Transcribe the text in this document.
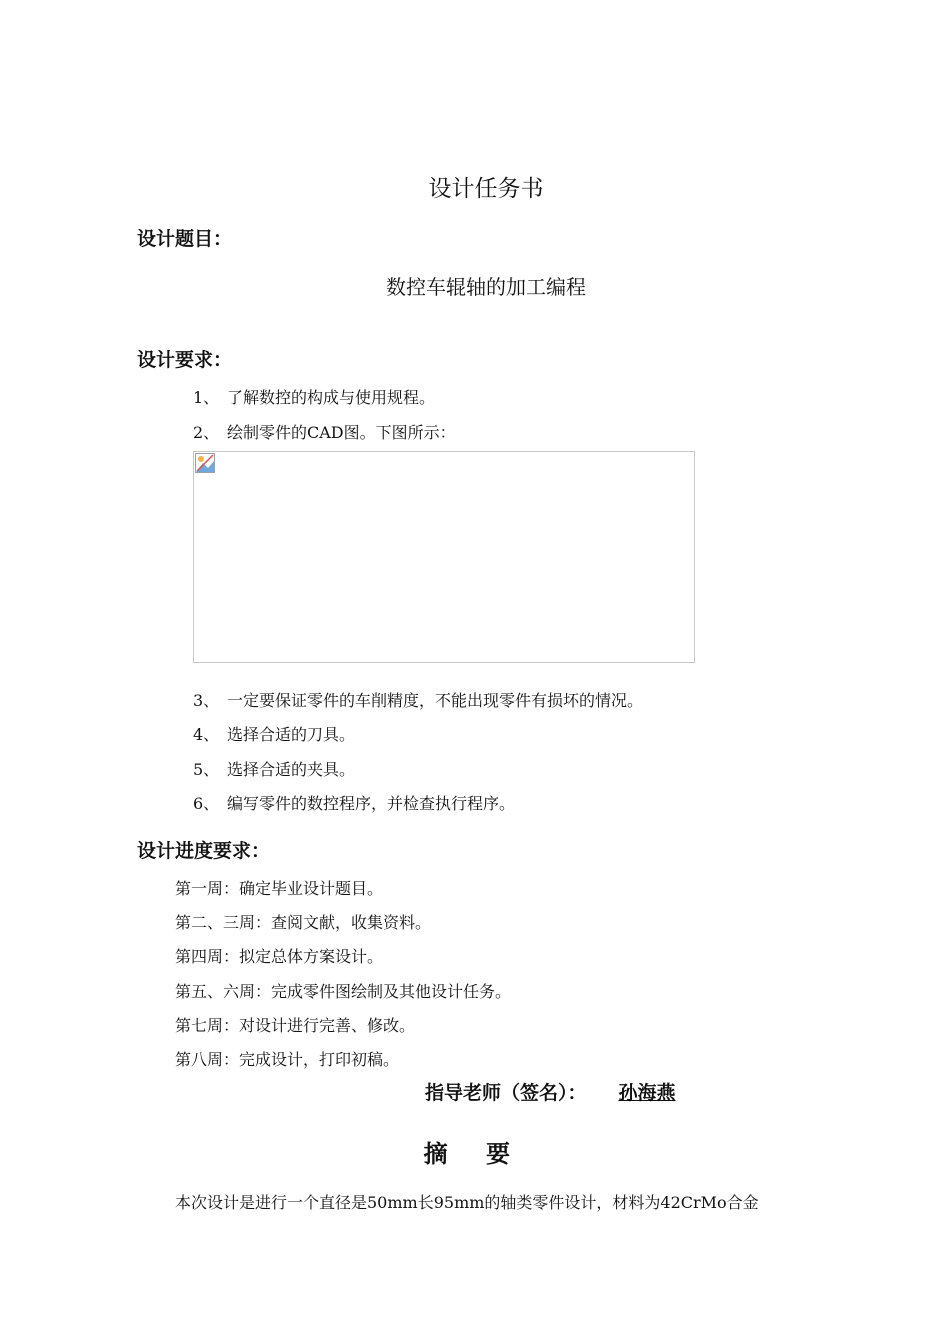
设计任务书
设计题目：
数控车辊轴的加工编程
设计要求：
1、 了解数控的构成与使用规程。
2、 绘制零件的CAD图。下图所示：
3、 一定要保证零件的车削精度，不能出现零件有损坏的情况。
4、 选择合适的刀具。
5、 选择合适的夹具。
6、 编写零件的数控程序，并检查执行程序。
设计进度要求：
第一周：确定毕业设计题目。
第二、三周：查阅文献，收集资料。
第四周：拟定总体方案设计。
第五、六周：完成零件图绘制及其他设计任务。
第七周：对设计进行完善、修改。
第八周：完成设计，打印初稿。
指导老师（签名）： 孙海燕
摘要
本次设计是进行一个直径是50mm长95mm的轴类零件设计，材料为42CrMo合金
